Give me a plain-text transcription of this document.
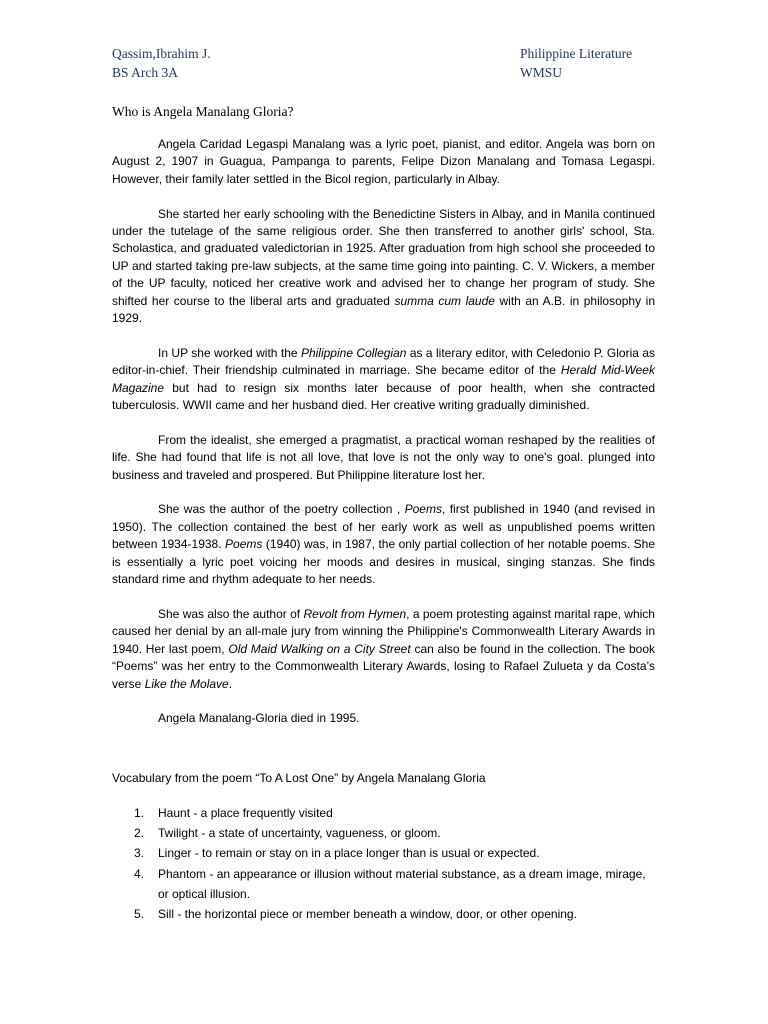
Qassim,Ibrahim J.
BS Arch 3A
Philippine Literature
WMSU
Who is Angela Manalang Gloria?

Angela Caridad Legaspi Manalang was a lyric poet, pianist, and editor. Angela was born on August 2, 1907 in Guagua, Pampanga to parents, Felipe Dizon Manalang and Tomasa Legaspi. However, their family later settled in the Bicol region, particularly in Albay.

She started her early schooling with the Benedictine Sisters in Albay, and in Manila continued under the tutelage of the same religious order. She then transferred to another girls' school, Sta. Scholastica, and graduated valedictorian in 1925. After graduation from high school she proceeded to UP and started taking pre-law subjects, at the same time going into painting. C. V. Wickers, a member of the UP faculty, noticed her creative work and advised her to change her program of study. She shifted her course to the liberal arts and graduated summa cum laude with an A.B. in philosophy in 1929.

In UP she worked with the Philippine Collegian as a literary editor, with Celedonio P. Gloria as editor-in-chief. Their friendship culminated in marriage. She became editor of the Herald Mid-Week Magazine but had to resign six months later because of poor health, when she contracted tuberculosis. WWII came and her husband died. Her creative writing gradually diminished.

From the idealist, she emerged a pragmatist, a practical woman reshaped by the realities of life. She had found that life is not all love, that love is not the only way to one's goal. plunged into business and traveled and prospered. But Philippine literature lost her.

She was the author of the poetry collection , Poems, first published in 1940 (and revised in 1950). The collection contained the best of her early work as well as unpublished poems written between 1934-1938. Poems (1940) was, in 1987, the only partial collection of her notable poems. She is essentially a lyric poet voicing her moods and desires in musical, singing stanzas. She finds standard rime and rhythm adequate to her needs.

She was also the author of Revolt from Hymen, a poem protesting against marital rape, which caused her denial by an all-male jury from winning the Philippine's Commonwealth Literary Awards in 1940. Her last poem, Old Maid Walking on a City Street can also be found in the collection. The book “Poems” was her entry to the Commonwealth Literary Awards, losing to Rafael Zulueta y da Costa’s verse Like the Molave.

Angela Manalang-Gloria died in 1995.

Vocabulary from the poem “To A Lost One” by Angela Manalang Gloria
1.	Haunt - a place frequently visited
2.	Twilight - a state of uncertainty, vagueness, or gloom.
3.	Linger - to remain or stay on in a place longer than is usual or expected.
4.	Phantom - an appearance or illusion without material substance, as a dream image, mirage, or optical illusion.
5.	Sill - the horizontal piece or member beneath a window, door, or other opening.
